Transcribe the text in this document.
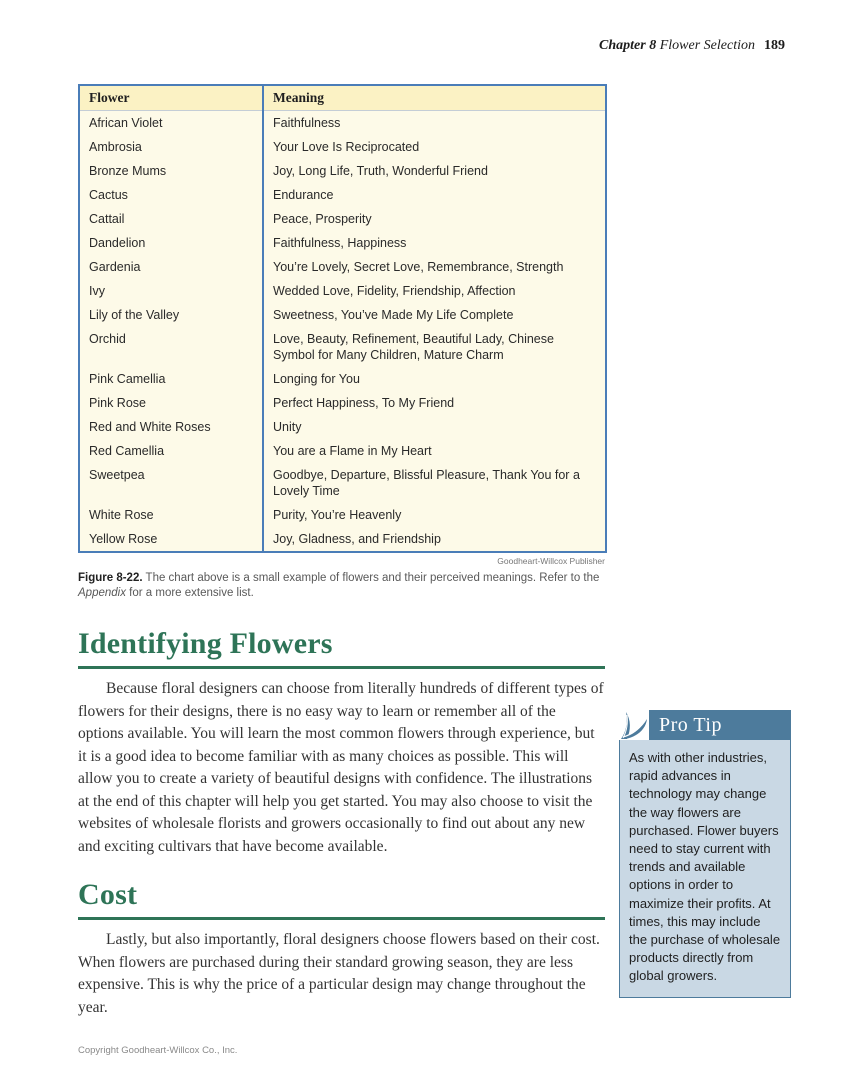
Chapter 8 Flower Selection 189
Flower	Meaning
African Violet	Faithfulness
Ambrosia	Your Love Is Reciprocated
Bronze Mums	Joy, Long Life, Truth, Wonderful Friend
Cactus	Endurance
Cattail	Peace, Prosperity
Dandelion	Faithfulness, Happiness
Gardenia	You’re Lovely, Secret Love, Remembrance, Strength
Ivy	Wedded Love, Fidelity, Friendship, Affection
Lily of the Valley	Sweetness, You’ve Made My Life Complete
Orchid	Love, Beauty, Refinement, Beautiful Lady, Chinese Symbol for Many Children, Mature Charm
Pink Camellia	Longing for You
Pink Rose	Perfect Happiness, To My Friend
Red and White Roses	Unity
Red Camellia	You are a Flame in My Heart
Sweetpea	Goodbye, Departure, Blissful Pleasure, Thank You for a Lovely Time
White Rose	Purity, You’re Heavenly
Yellow Rose	Joy, Gladness, and Friendship
Goodheart-Willcox Publisher
Figure 8-22. The chart above is a small example of flowers and their perceived meanings. Refer to the Appendix for a more extensive list.
Identifying Flowers

Because floral designers can choose from literally hundreds of different types of flowers for their designs, there is no easy way to learn or remember all of the options available. You will learn the most common flowers through experience, but it is a good idea to become familiar with as many choices as possible. This will allow you to create a variety of beautiful designs with confidence. The illustrations at the end of this chapter will help you get started. You may also choose to visit the websites of wholesale florists and growers occasionally to find out about any new and exciting cultivars that have become available.

Cost

Lastly, but also importantly, floral designers choose flowers based on their cost. When flowers are purchased during their standard growing season, they are less expensive. This is why the price of a particular design may change throughout the year.

Pro Tip
As with other industries, rapid advances in technology may change the way flowers are purchased. Flower buyers need to stay current with trends and available options in order to maximize their profits. At times, this may include the purchase of wholesale products directly from global growers.
Copyright Goodheart-Willcox Co., Inc.
